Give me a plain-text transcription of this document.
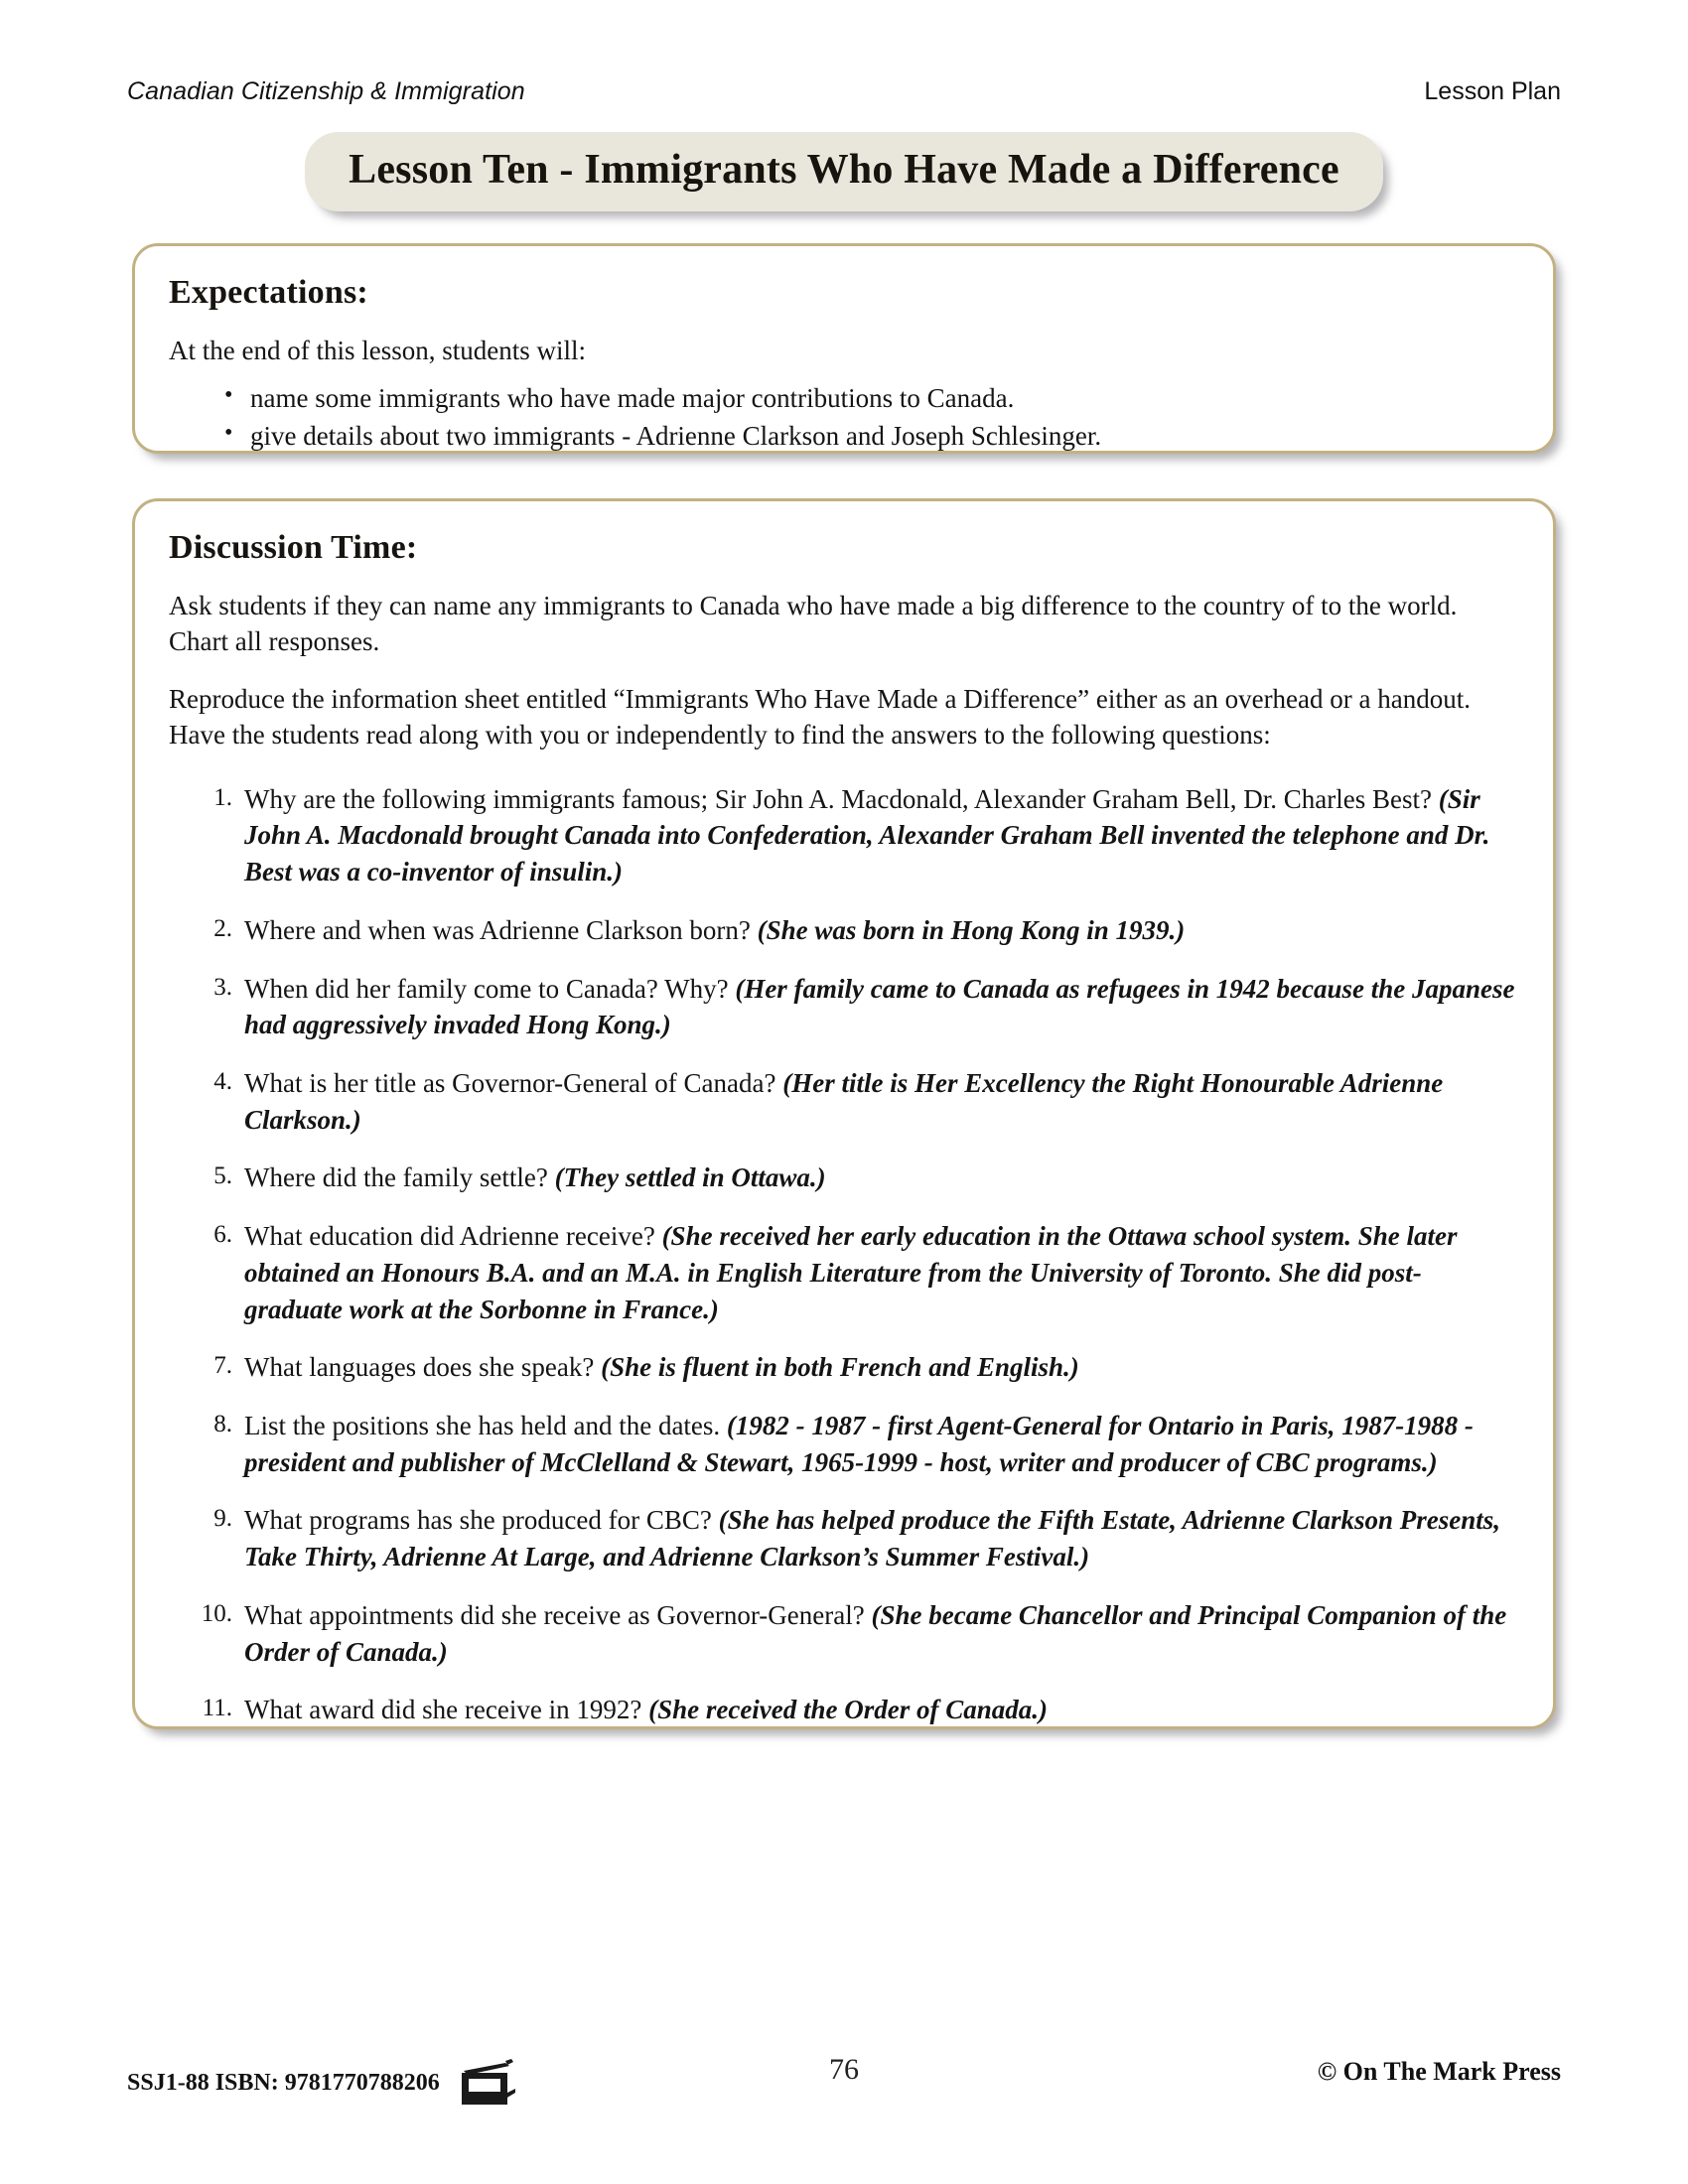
Canadian Citizenship & Immigration	Lesson Plan
Lesson Ten - Immigrants Who Have Made a Difference
Expectations:

At the end of this lesson, students will:

• name some immigrants who have made major contributions to Canada.
• give details about two immigrants - Adrienne Clarkson and Joseph Schlesinger.
Discussion Time:

Ask students if they can name any immigrants to Canada who have made a big difference to the country of to the world. Chart all responses.

Reproduce the information sheet entitled “Immigrants Who Have Made a Difference” either as an overhead or a handout. Have the students read along with you or independently to find the answers to the following questions:

1. Why are the following immigrants famous; Sir John A. Macdonald, Alexander Graham Bell, Dr. Charles Best? (Sir John A. Macdonald brought Canada into Confederation, Alexander Graham Bell invented the telephone and Dr. Best was a co-inventor of insulin.)
2. Where and when was Adrienne Clarkson born? (She was born in Hong Kong in 1939.)
3. When did her family come to Canada? Why? (Her family came to Canada as refugees in 1942 because the Japanese had aggressively invaded Hong Kong.)
4. What is her title as Governor-General of Canada? (Her title is Her Excellency the Right Honourable Adrienne Clarkson.)
5. Where did the family settle? (They settled in Ottawa.)
6. What education did Adrienne receive? (She received her early education in the Ottawa school system. She later obtained an Honours B.A. and an M.A. in English Literature from the University of Toronto. She did post-graduate work at the Sorbonne in France.)
7. What languages does she speak? (She is fluent in both French and English.)
8. List the positions she has held and the dates. (1982 - 1987 - first Agent-General for Ontario in Paris, 1987-1988 - president and publisher of McClelland & Stewart, 1965-1999 - host, writer and producer of CBC programs.)
9. What programs has she produced for CBC? (She has helped produce the Fifth Estate, Adrienne Clarkson Presents, Take Thirty, Adrienne At Large, and Adrienne Clarkson’s Summer Festival.)
10. What appointments did she receive as Governor-General? (She became Chancellor and Principal Companion of the Order of Canada.)
11. What award did she receive in 1992? (She received the Order of Canada.)
SSJ1-88 ISBN: 9781770788206	76	© On The Mark Press
